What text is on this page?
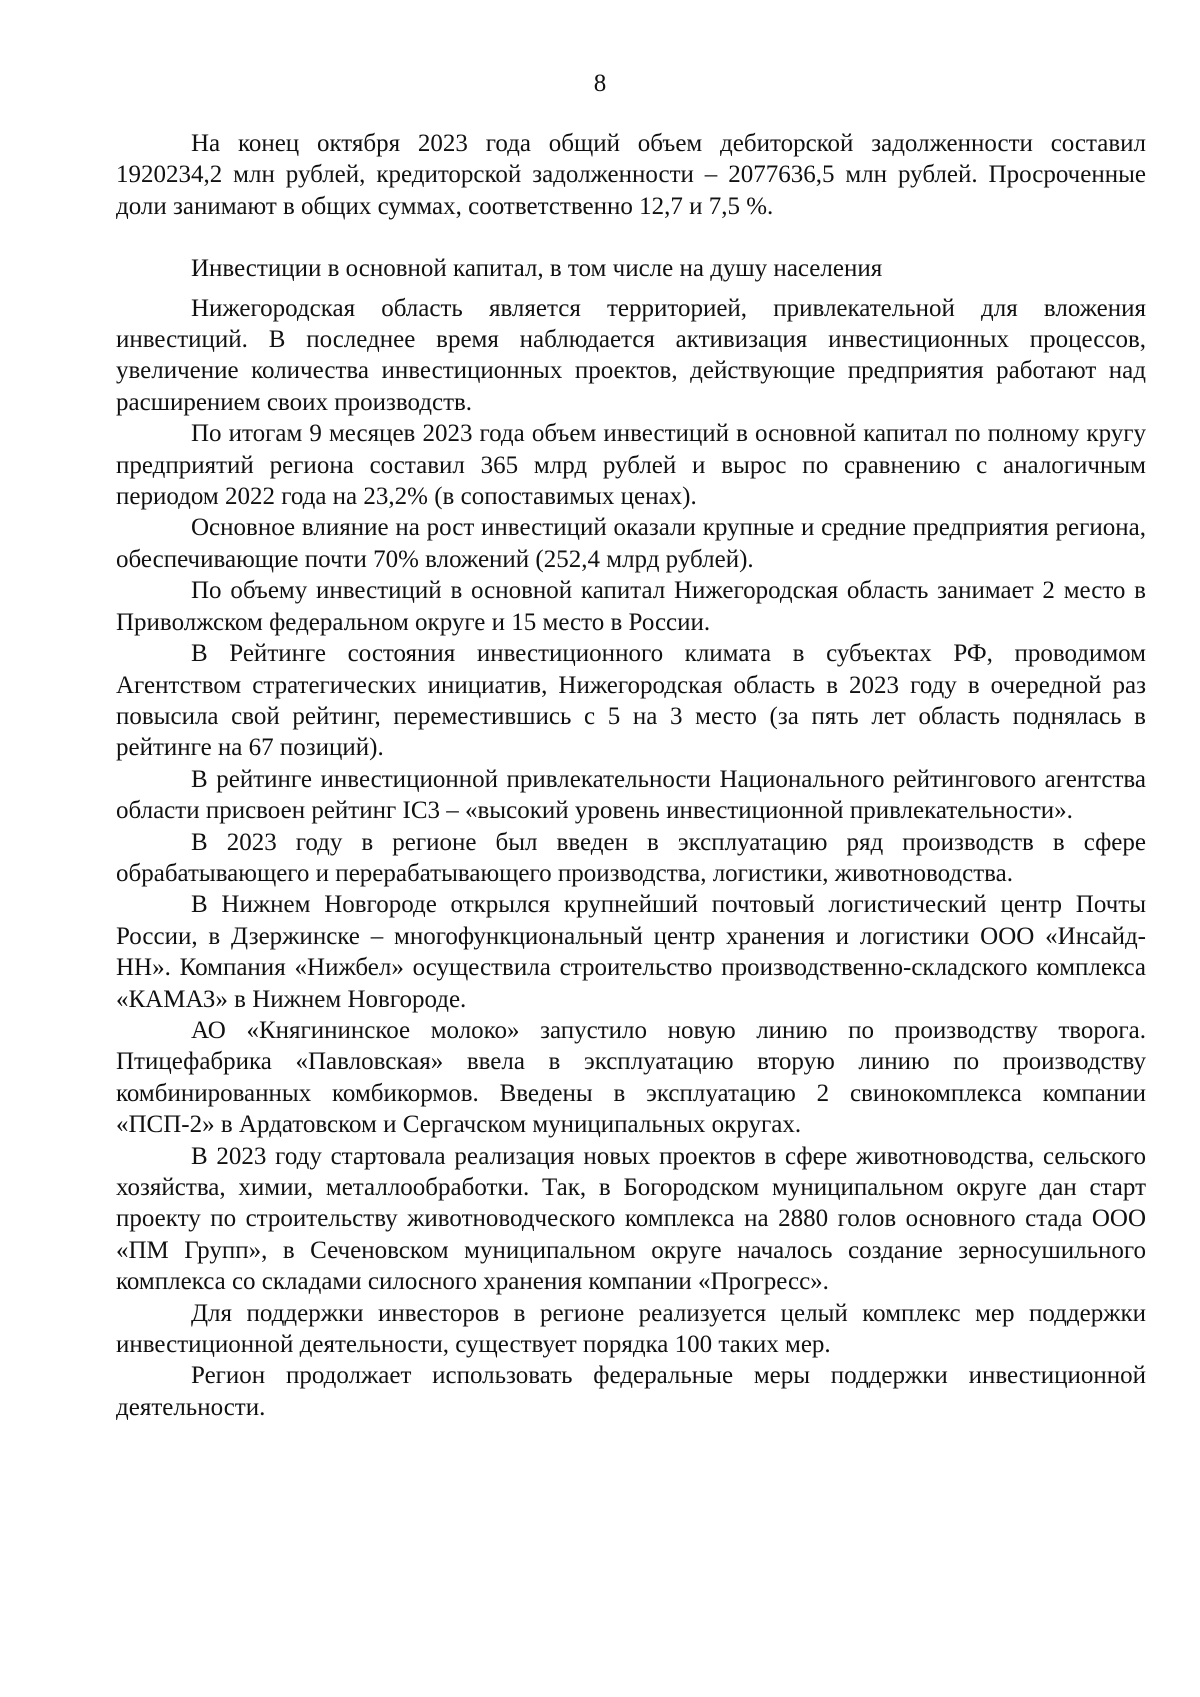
8

На конец октября 2023 года общий объем дебиторской задолженности составил 1920234,2 млн рублей, кредиторской задолженности – 2077636,5 млн рублей. Просроченные доли занимают в общих суммах, соответственно 12,7 и 7,5 %.

Инвестиции в основной капитал, в том числе на душу населения

Нижегородская область является территорией, привлекательной для вложения инвестиций. В последнее время наблюдается активизация инвестиционных процессов, увеличение количества инвестиционных проектов, действующие предприятия работают над расширением своих производств.

По итогам 9 месяцев 2023 года объем инвестиций в основной капитал по полному кругу предприятий региона составил 365 млрд рублей и вырос по сравнению с аналогичным периодом 2022 года на 23,2% (в сопоставимых ценах).

Основное влияние на рост инвестиций оказали крупные и средние предприятия региона, обеспечивающие почти 70% вложений (252,4 млрд рублей).

По объему инвестиций в основной капитал Нижегородская область занимает 2 место в Приволжском федеральном округе и 15 место в России.

В Рейтинге состояния инвестиционного климата в субъектах РФ, проводимом Агентством стратегических инициатив, Нижегородская область в 2023 году в очередной раз повысила свой рейтинг, переместившись с 5 на 3 место (за пять лет область поднялась в рейтинге на 67 позиций).

В рейтинге инвестиционной привлекательности Национального рейтингового агентства области присвоен рейтинг IC3 – «высокий уровень инвестиционной привлекательности».

В 2023 году в регионе был введен в эксплуатацию ряд производств в сфере обрабатывающего и перерабатывающего производства, логистики, животноводства.

В Нижнем Новгороде открылся крупнейший почтовый логистический центр Почты России, в Дзержинске – многофункциональный центр хранения и логистики ООО «Инсайд-НН». Компания «Нижбел» осуществила строительство производственно-складского комплекса «КАМАЗ» в Нижнем Новгороде.

АО «Княгининское молоко» запустило новую линию по производству творога. Птицефабрика «Павловская» ввела в эксплуатацию вторую линию по производству комбинированных комбикормов. Введены в эксплуатацию 2 свинокомплекса компании «ПСП-2» в Ардатовском и Сергачском муниципальных округах.

В 2023 году стартовала реализация новых проектов в сфере животноводства, сельского хозяйства, химии, металлообработки. Так, в Богородском муниципальном округе дан старт проекту по строительству животноводческого комплекса на 2880 голов основного стада ООО «ПМ Групп», в Сеченовском муниципальном округе началось создание зерносушильного комплекса со складами силосного хранения компании «Прогресс».

Для поддержки инвесторов в регионе реализуется целый комплекс мер поддержки инвестиционной деятельности, существует порядка 100 таких мер.

Регион продолжает использовать федеральные меры поддержки инвестиционной деятельности.
